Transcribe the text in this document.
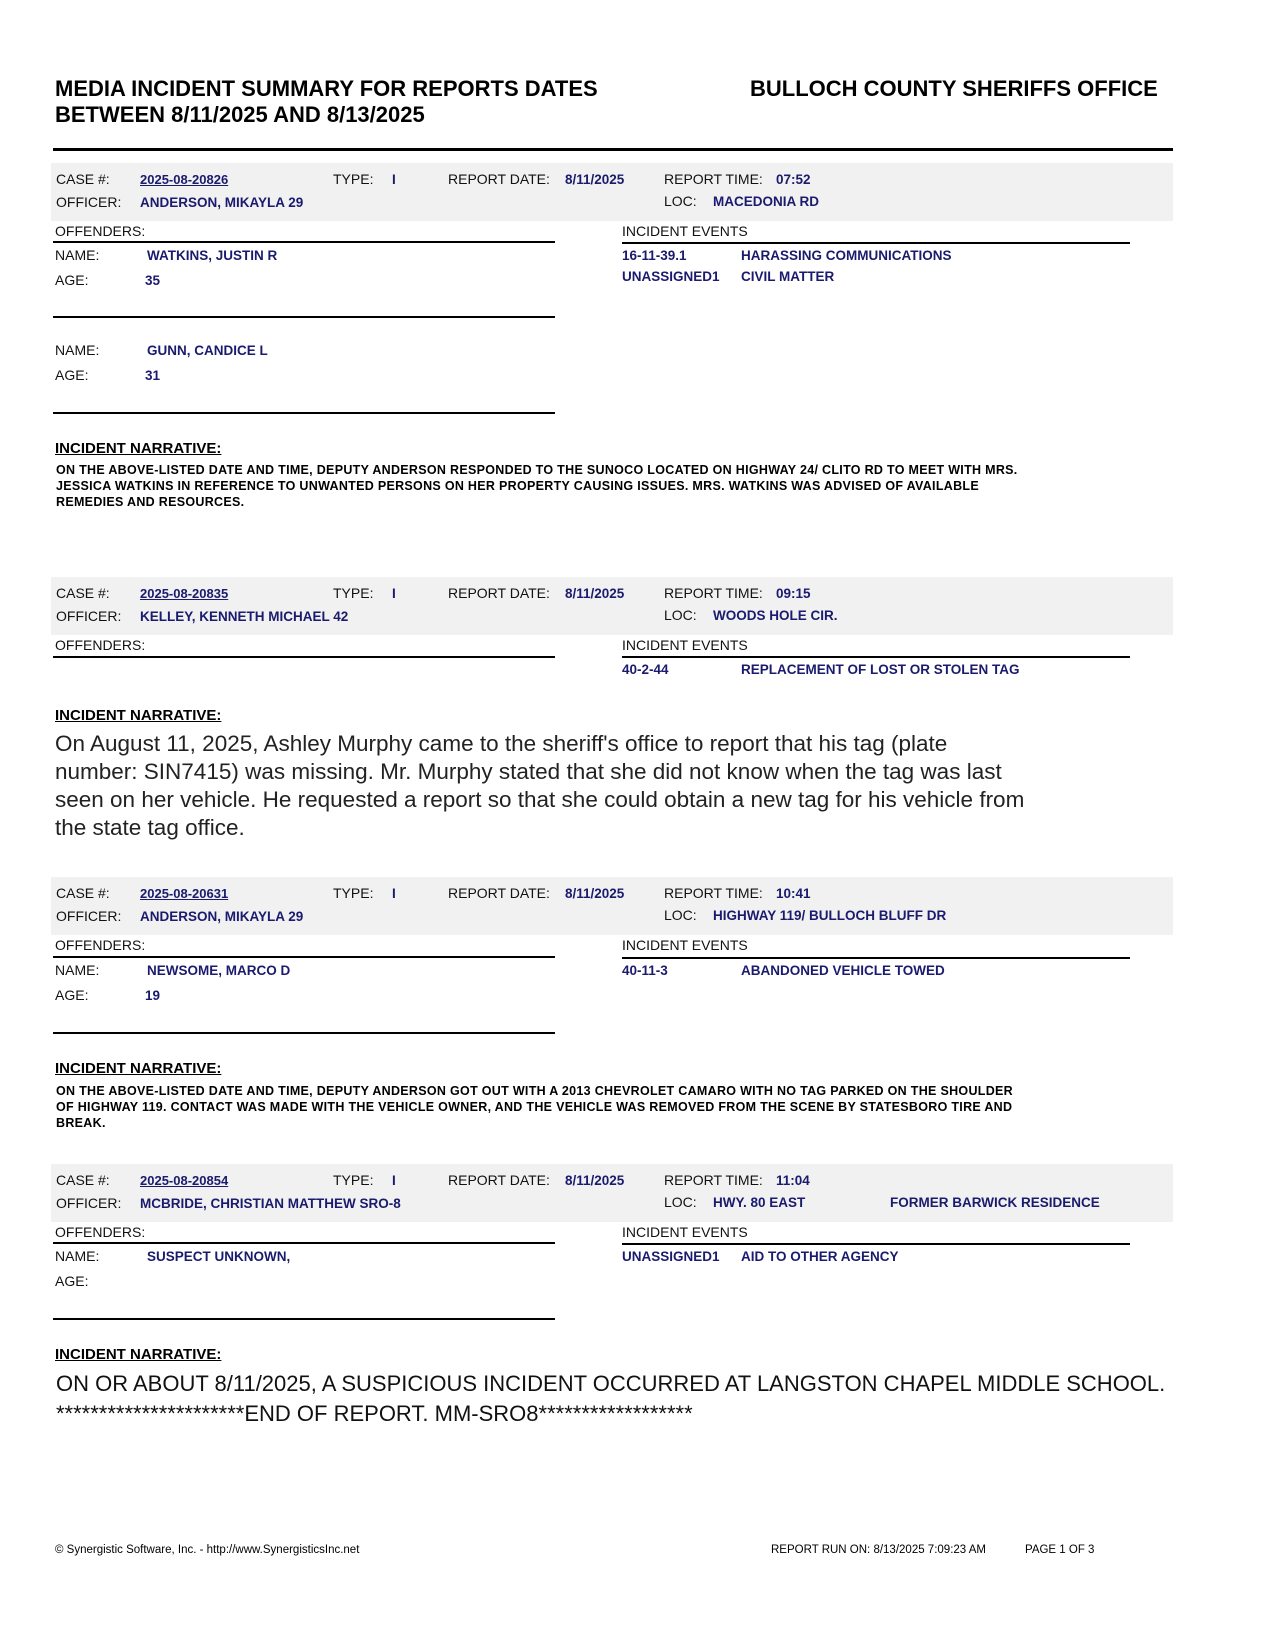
MEDIA INCIDENT SUMMARY FOR REPORTS DATES
BETWEEN 8/11/2025 AND 8/13/2025
BULLOCH COUNTY SHERIFFS OFFICE
CASE #: 2025-08-20826	TYPE: I	REPORT DATE: 8/11/2025	REPORT TIME: 07:52
OFFICER: ANDERSON, MIKAYLA 29	LOC: MACEDONIA RD
OFFENDERS:	INCIDENT EVENTS
NAME:	WATKINS, JUSTIN R
AGE:	35
NAME:	GUNN, CANDICE L
AGE:	31
16-11-39.1	HARASSING COMMUNICATIONS
UNASSIGNED1 CIVIL MATTER
INCIDENT NARRATIVE:
ON THE ABOVE-LISTED DATE AND TIME, DEPUTY ANDERSON RESPONDED TO THE SUNOCO LOCATED ON HIGHWAY 24/ CLITO RD TO MEET WITH MRS.
JESSICA WATKINS IN REFERENCE TO UNWANTED PERSONS ON HER PROPERTY CAUSING ISSUES. MRS. WATKINS WAS ADVISED OF AVAILABLE
REMEDIES AND RESOURCES.
CASE #: 2025-08-20835	TYPE: I	REPORT DATE: 8/11/2025	REPORT TIME: 09:15
OFFICER: KELLEY, KENNETH MICHAEL 42	LOC: WOODS HOLE CIR.
OFFENDERS:	INCIDENT EVENTS
40-2-44	REPLACEMENT OF LOST OR STOLEN TAG
INCIDENT NARRATIVE:
On August 11, 2025, Ashley Murphy came to the sheriff's office to report that his tag (plate
number: SIN7415) was missing. Mr. Murphy stated that she did not know when the tag was last
seen on her vehicle. He requested a report so that she could obtain a new tag for his vehicle from
the state tag office.
CASE #: 2025-08-20631	TYPE: I	REPORT DATE: 8/11/2025	REPORT TIME: 10:41
OFFICER: ANDERSON, MIKAYLA 29	LOC: HIGHWAY 119/ BULLOCH BLUFF DR
OFFENDERS:	INCIDENT EVENTS
NAME:	NEWSOME, MARCO D
AGE:	19
40-11-3	ABANDONED VEHICLE TOWED
INCIDENT NARRATIVE:
ON THE ABOVE-LISTED DATE AND TIME, DEPUTY ANDERSON GOT OUT WITH A 2013 CHEVROLET CAMARO WITH NO TAG PARKED ON THE SHOULDER
OF HIGHWAY 119. CONTACT WAS MADE WITH THE VEHICLE OWNER, AND THE VEHICLE WAS REMOVED FROM THE SCENE BY STATESBORO TIRE AND
BREAK.
CASE #: 2025-08-20854	TYPE: I	REPORT DATE: 8/11/2025	REPORT TIME: 11:04
OFFICER: MCBRIDE, CHRISTIAN MATTHEW SRO-8	LOC: HWY. 80 EAST	FORMER BARWICK RESIDENCE
OFFENDERS:	INCIDENT EVENTS
NAME:	SUSPECT UNKNOWN,
AGE:
UNASSIGNED1 AID TO OTHER AGENCY
INCIDENT NARRATIVE:
ON OR ABOUT 8/11/2025, A SUSPICIOUS INCIDENT OCCURRED AT LANGSTON CHAPEL MIDDLE SCHOOL.
**********************END OF REPORT. MM-SRO8******************
© Synergistic Software, Inc. - http://www.SynergisticsInc.net	REPORT RUN ON: 8/13/2025 7:09:23 AM	PAGE 1 OF 3
